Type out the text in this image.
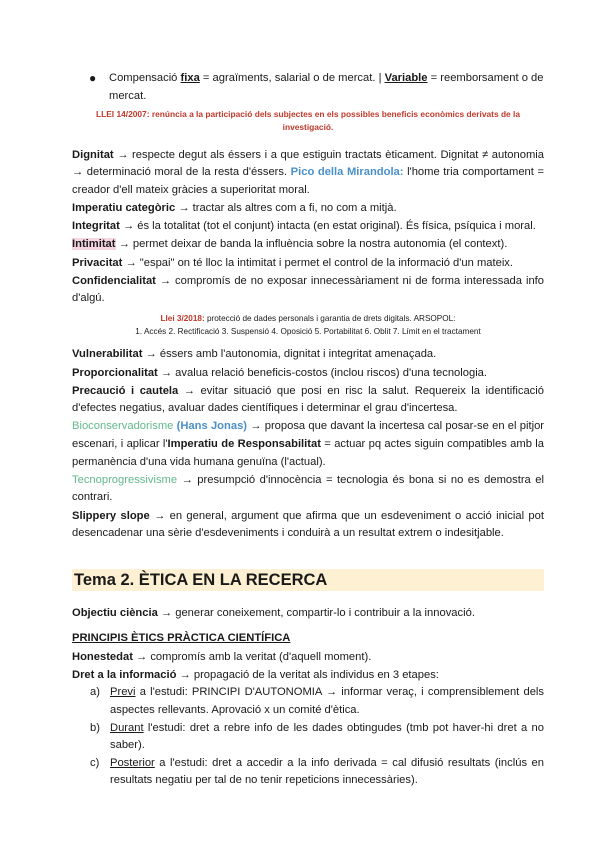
● Compensació fixa = agraïments, salarial o de mercat. | Variable = reemborsament o de mercat.

LLEI 14/2007: renúncia a la participació dels subjectes en els possibles beneficis econòmics derivats de la investigació.

Dignitat → respecte degut als éssers i a que estiguin tractats èticament. Dignitat ≠ autonomia → determinació moral de la resta d'éssers. Pico della Mirandola: l'home tria comportament = creador d'ell mateix gràcies a superioritat moral.

Imperatiu categòric → tractar als altres com a fi, no com a mitjà.

Integritat → és la totalitat (tot el conjunt) intacta (en estat original). És física, psíquica i moral.

Intimitat → permet deixar de banda la influència sobre la nostra autonomia (el context).

Privacitat → "espai" on té lloc la intimitat i permet el control de la informació d'un mateix.

Confidencialitat → compromís de no exposar innecessàriament ni de forma interessada info d'algú.

Llei 3/2018: protecció de dades personals i garantia de drets digitals. ARSOPOL:
1. Accés 2. Rectificació 3. Suspensió 4. Oposició 5. Portabilitat 6. Oblit 7. Límit en el tractament

Vulnerabilitat → éssers amb l'autonomia, dignitat i integritat amenaçada.

Proporcionalitat → avalua relació beneficis-costos (inclou riscos) d'una tecnologia.

Precaució i cautela → evitar situació que posi en risc la salut. Requereix la identificació d'efectes negatius, avaluar dades científiques i determinar el grau d'incertesa.

Bioconservadorisme (Hans Jonas) → proposa que davant la incertesa cal posar-se en el pitjor escenari, i aplicar l'Imperatiu de Responsabilitat = actuar pq actes siguin compatibles amb la permanència d'una vida humana genuïna (l'actual).

Tecnoprogressivisme → presumpció d'innocència = tecnologia és bona si no es demostra el contrari.

Slippery slope → en general, argument que afirma que un esdeveniment o acció inicial pot desencadenar una sèrie d'esdeveniments i conduirà a un resultat extrem o indesitjable.

Tema 2. ÈTICA EN LA RECERCA

Objectiu ciència → generar coneixement, compartir-lo i contribuir a la innovació.

PRINCIPIS ÈTICS PRÀCTICA CIENTÍFICA

Honestedat → compromís amb la veritat (d'aquell moment).

Dret a la informació → propagació de la veritat als individus en 3 etapes:

a) Previ a l'estudi: PRINCIPI D'AUTONOMIA → informar veraç, i comprensiblement dels aspectes rellevants. Aprovació x un comité d'ètica.
b) Durant l'estudi: dret a rebre info de les dades obtingudes (tmb pot haver-hi dret a no saber).
c) Posterior a l'estudi: dret a accedir a la info derivada = cal difusió resultats (inclús en resultats negatiu per tal de no tenir repeticions innecessàries).
